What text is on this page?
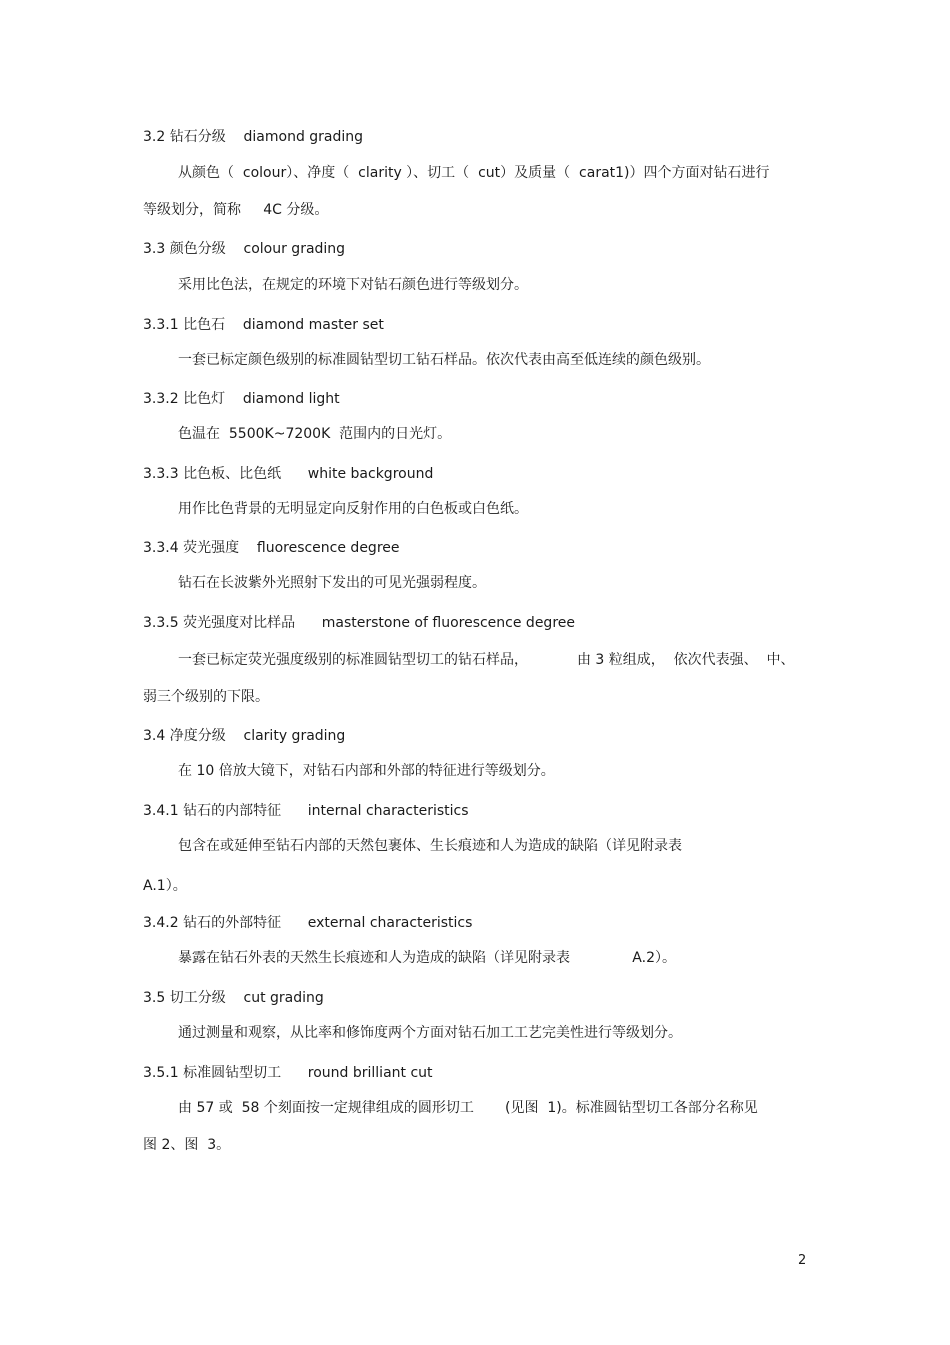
3.2 钻石分级    diamond grading
从颜色（  colour）、净度（  clarity ）、切工（  cut）及质量（  carat1)）四个方面对钻石进行
等级划分，简称     4C 分级。
3.3 颜色分级    colour grading
采用比色法，在规定的环境下对钻石颜色进行等级划分。
3.3.1 比色石    diamond master set
一套已标定颜色级别的标准圆钻型切工钻石样品。依次代表由高至低连续的颜色级别。
3.3.2 比色灯    diamond light
色温在  5500K~7200K  范围内的日光灯。
3.3.3 比色板、比色纸      white background
用作比色背景的无明显定向反射作用的白色板或白色纸。
3.3.4 荧光强度    fluorescence degree
钻石在长波紫外光照射下发出的可见光强弱程度。
3.3.5 荧光强度对比样品      masterstone of fluorescence degree
一套已标定荧光强度级别的标准圆钻型切工的钻石样品，           由 3 粒组成，  依次代表强、  中、
弱三个级别的下限。
3.4 净度分级    clarity grading
在 10 倍放大镜下，对钻石内部和外部的特征进行等级划分。
3.4.1 钻石的内部特征      internal characteristics
包含在或延伸至钻石内部的天然包裹体、生长痕迹和人为造成的缺陷（详见附录表
A.1）。
3.4.2 钻石的外部特征      external characteristics
暴露在钻石外表的天然生长痕迹和人为造成的缺陷（详见附录表              A.2）。
3.5 切工分级    cut grading
通过测量和观察，从比率和修饰度两个方面对钻石加工工艺完美性进行等级划分。
3.5.1 标准圆钻型切工      round brilliant cut
由 57 或  58 个刻面按一定规律组成的圆形切工       (见图  1)。标准圆钻型切工各部分名称见
图 2、图  3。
2
